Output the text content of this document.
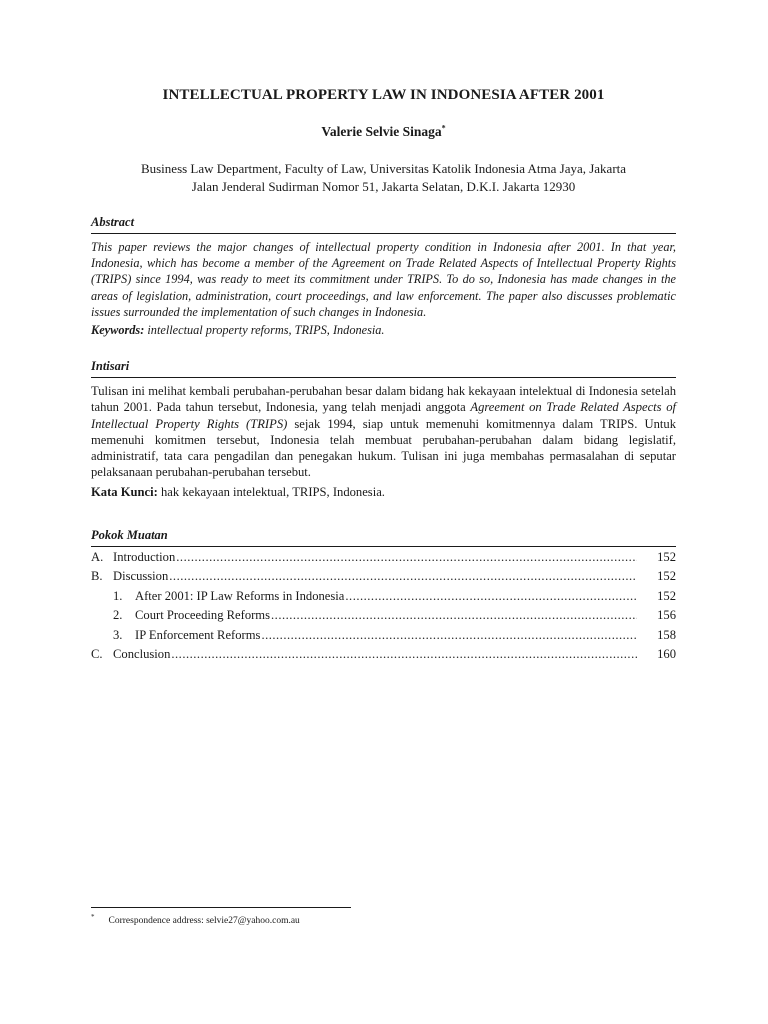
INTELLECTUAL PROPERTY LAW IN INDONESIA AFTER 2001
Valerie Selvie Sinaga*
Business Law Department, Faculty of Law, Universitas Katolik Indonesia Atma Jaya, Jakarta
Jalan Jenderal Sudirman Nomor 51, Jakarta Selatan, D.K.I. Jakarta 12930
Abstract
This paper reviews the major changes of intellectual property condition in Indonesia after 2001. In that year, Indonesia, which has become a member of the Agreement on Trade Related Aspects of Intellectual Property Rights (TRIPS) since 1994, was ready to meet its commitment under TRIPS. To do so, Indonesia has made changes in the areas of legislation, administration, court proceedings, and law enforcement. The paper also discusses problematic issues surrounded the implementation of such changes in Indonesia.
Keywords: intellectual property reforms, TRIPS, Indonesia.
Intisari
Tulisan ini melihat kembali perubahan-perubahan besar dalam bidang hak kekayaan intelektual di Indonesia setelah tahun 2001. Pada tahun tersebut, Indonesia, yang telah menjadi anggota Agreement on Trade Related Aspects of Intellectual Property Rights (TRIPS) sejak 1994, siap untuk memenuhi komitmennya dalam TRIPS. Untuk memenuhi komitmen tersebut, Indonesia telah membuat perubahan-perubahan dalam bidang legislatif, administratif, tata cara pengadilan dan penegakan hukum. Tulisan ini juga membahas permasalahan di seputar pelaksanaan perubahan-perubahan tersebut.
Kata Kunci: hak kekayaan intelektual, TRIPS, Indonesia.
Pokok Muatan
A. Introduction .....	152
B. Discussion .....	152
1. After 2001: IP Law Reforms in Indonesia .....	152
2. Court Proceeding Reforms .....	156
3. IP Enforcement Reforms .....	158
C. Conclusion .....	160
* Correspondence address: selvie27@yahoo.com.au
